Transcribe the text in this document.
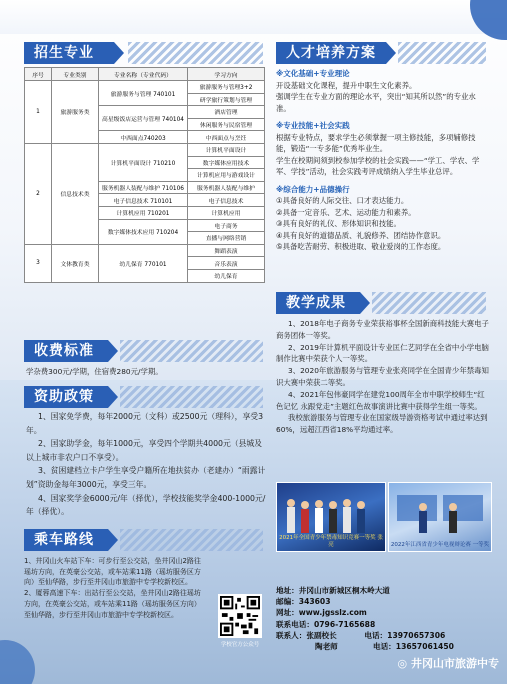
招生专业
序号	专业类别	专业名称（专业代码）	学习方向
1	旅游服务类	旅游服务与管理 740101	旅游服务与管理3+2
			研学旅行策划与管理
		高星级饭店运营与管理 740104	酒店管理
			休闲服务与民宿管理
		中西面点740203	中西面点与烹饪
2	信息技术类	计算机平面设计 710210	计算机平面设计
			数字媒体应用技术
			计算机应用与游戏设计
		服务机器人装配与维护 710106	服务机器人装配与维护
		电子信息技术 710101	电子信息技术
		计算机应用 710201	计算机应用
		数字媒体技术应用 710204	电子商务
			直播与网络营销
3	文体教育类	幼儿保育 770101	舞蹈表演
			音乐表演
			幼儿保育
收费标准
学杂费300元/学期，住宿费280元/学期。
资助政策

1、国家免学费，每年2000元（文科）或2500元（理科），享受3年。

2、国家助学金，每年1000元，享受四个学期共4000元（县城及以上城市非农户口不享受）。

3、贫困建档立卡户学生享受户籍所在地扶贫办（老建办）“雨露计划”资助金每年3000元，享受三年。

4、国家奖学金6000元/年（择优），学校技能奖学金400-1000元/年（择优）。

乘车路线

1、井冈山火车站下车：可步行至公交站，坐井冈山2路往瑶坊方向，在英豪公交站，或车站乘11路（瑶坊服务区方向）至仙华路，步行至井冈山市旅游中专学校新校区。

2、厦蓉高速下车：出站行至公交站，坐井冈山2路往瑶坊方向，在英豪公交站，或车站乘11路（瑶坊服务区方向）至仙华路，步行至井冈山市旅游中专学校新校区。

人才培养方案

※文化基础+专业理论

开设基础文化课程，提升中职生文化素养。

强调学生在专业方面的理论水平，突出“知其所以然”的专业水准。

※专业技能+社会实践

根据专业特点，要求学生必须掌握一项主修技能，多项辅修技能，锻造“一专多能”优秀毕业生。

学生在校期间须到校参加学校的社会实践——“学工、学农、学军、学技”活动，社会实践考评成绩纳入学生毕业总评。

※综合能力+品德操行

①具备良好的人际交往、口才表达能力。

②具备一定音乐、艺术、运动能力和素养。

③具有良好的礼仪、形体知识和技能。

④具有良好的道德品质、礼貌修养、团结协作意识。

⑤具备吃苦耐劳、积极进取、敬业爱岗的工作态度。

教学成果

1、2018年电子商务专业荣获裕事杯全国新商科技能大赛电子商务团体一等奖。

2、2019年计算机平面设计专业匡仁艺同学在全省中小学电脑制作比赛中荣获个人一等奖。

3、2020年旅游服务与管理专业张亮同学在全国青少年禁毒知识大赛中荣获二等奖。

4、2021年包伟豪同学在建党100周年全市中职学校师生“红色记忆 永跟党走”主题红色故事演讲比赛中获得学生组一等奖。

我校旅游服务与管理专业在国家级导游资格考试中通过率达到60%，远超江西省18%平均通过率。

2021年全国青少年禁毒知识竞赛一等奖 张亮	2022年江西省青少年电视辩论赛 一等奖
学校官方公众号
地址：井冈山市新城区桐木岭大道
邮编：343603
网址：www.jgsslz.com
联系电话：0796-7165688
联系人：张副校长	电话：13970657306
陶老师	电话：13657061450
◎ 井冈山市旅游中专
